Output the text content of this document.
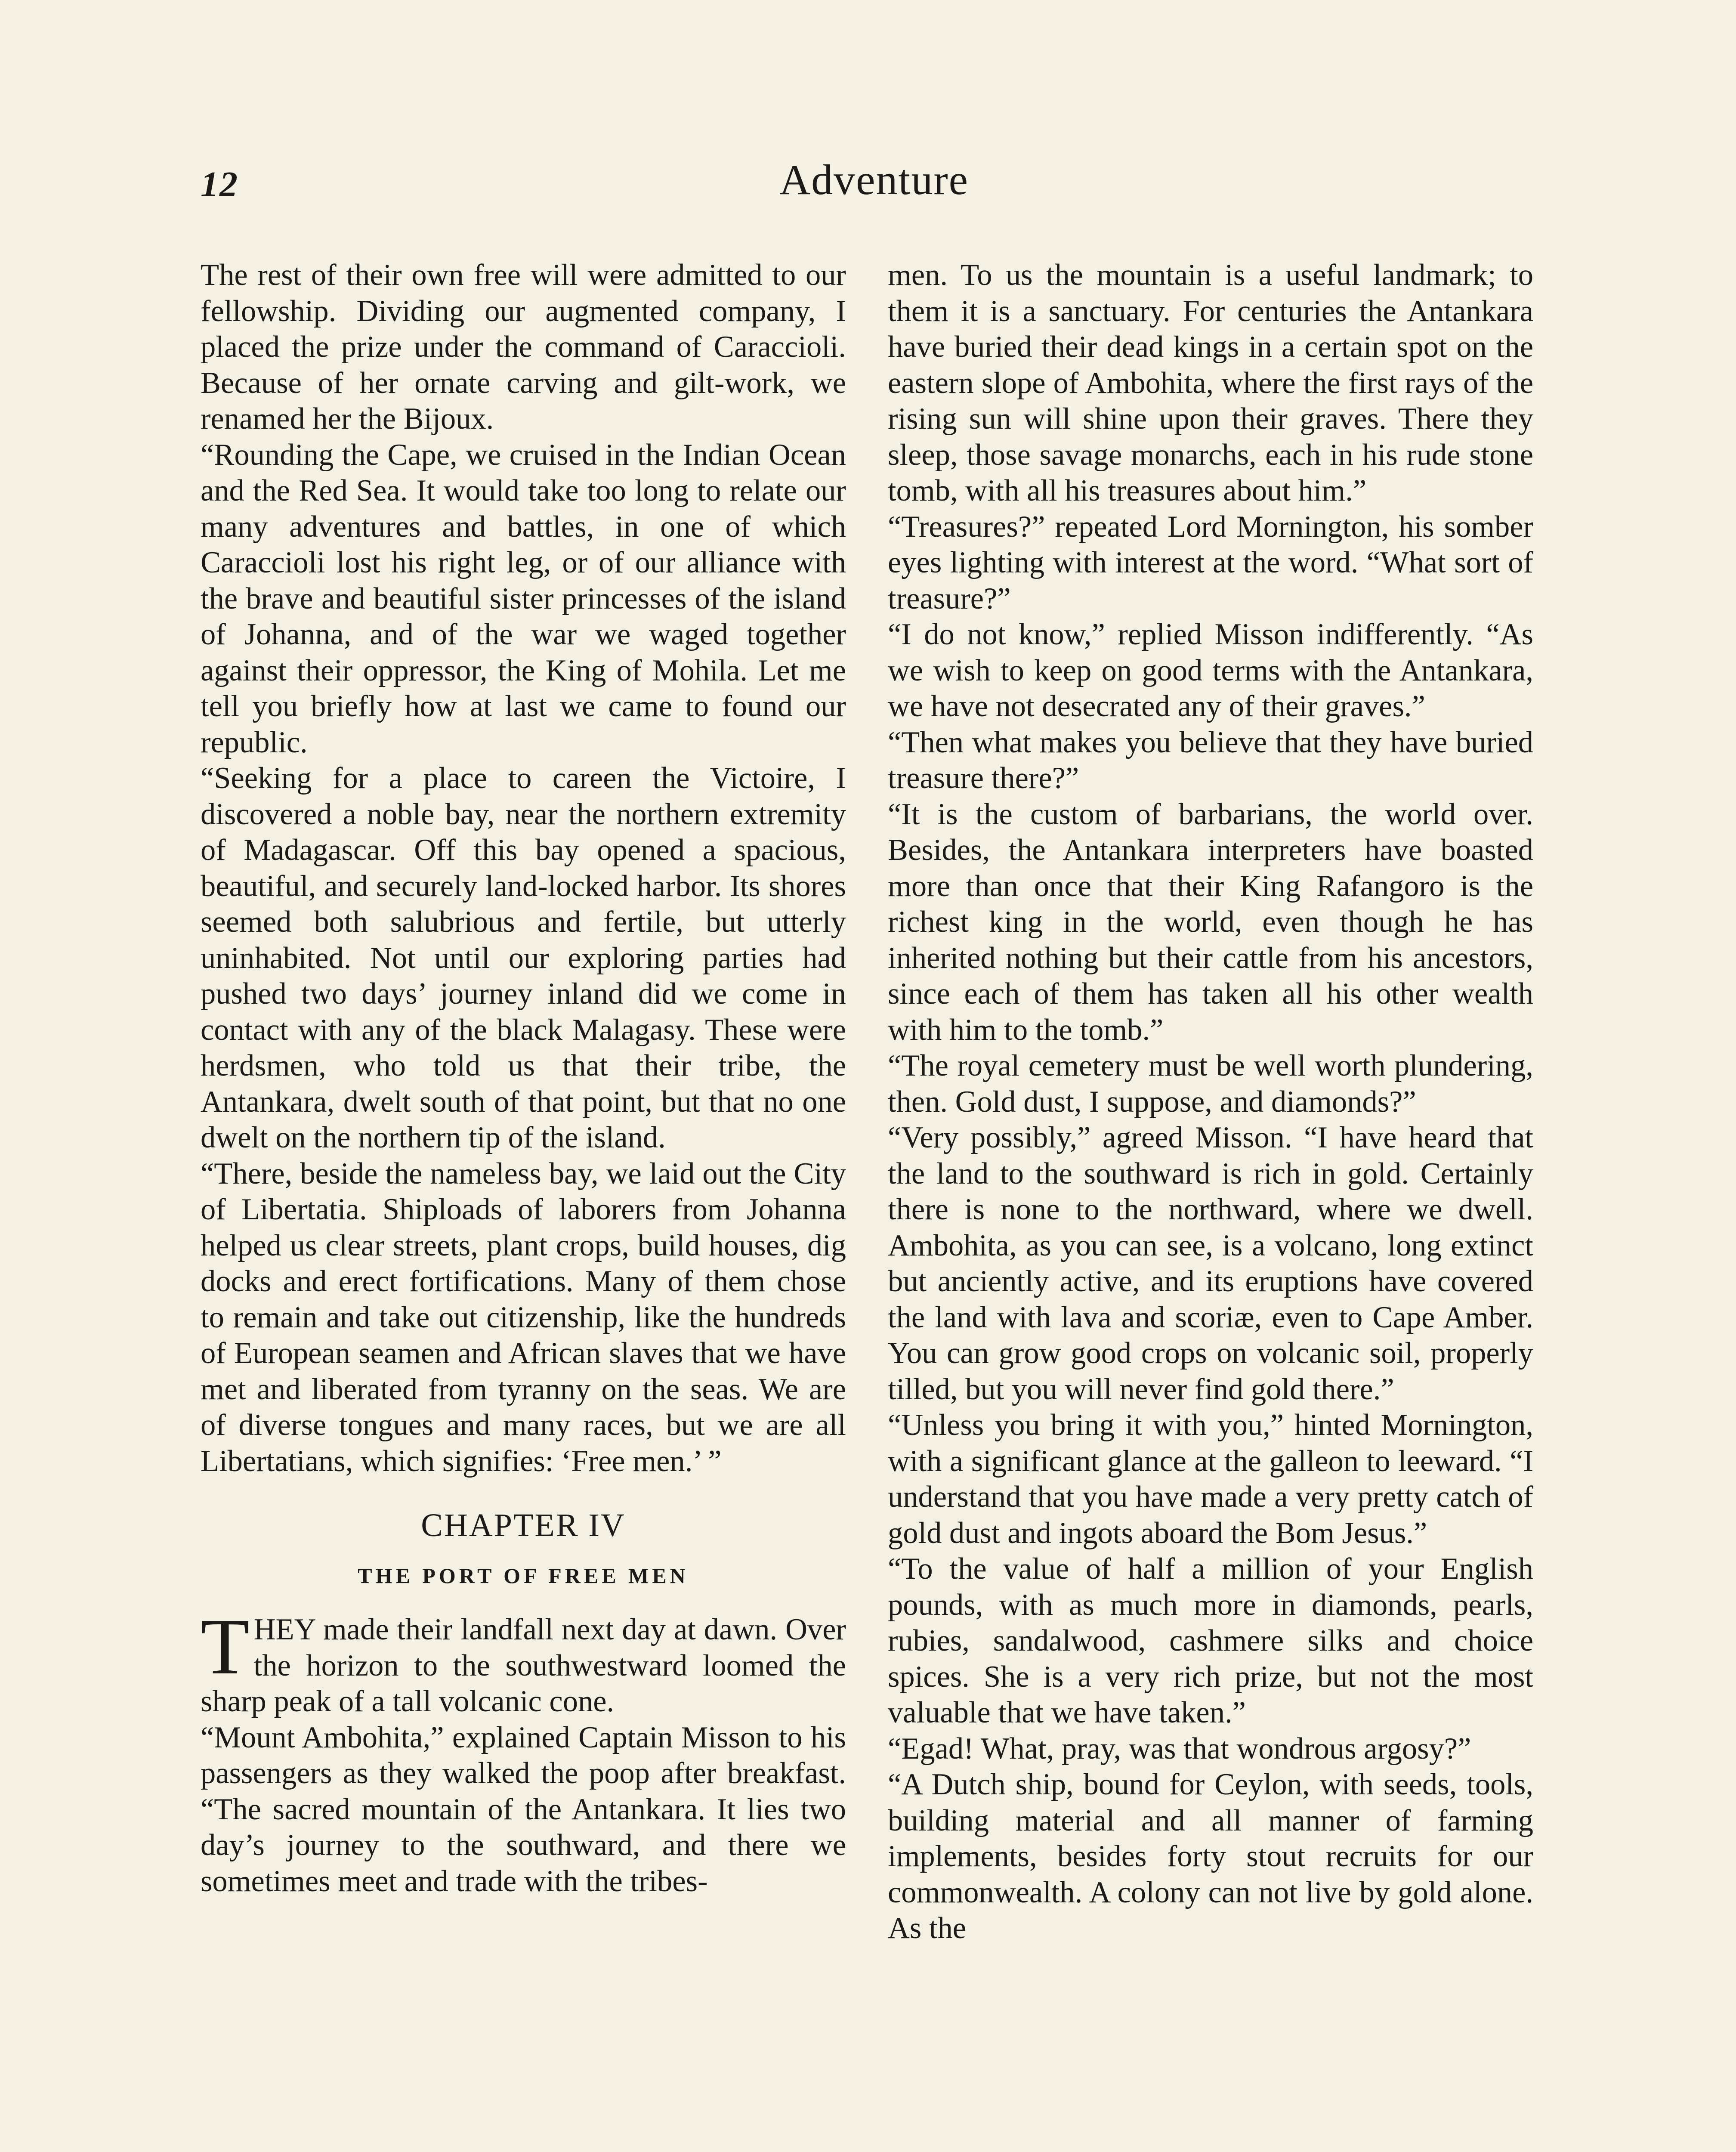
12	Adventure

The rest of their own free will were admitted to our fellowship. Dividing our augmented company, I placed the prize under the command of Caraccioli. Because of her ornate carving and gilt-work, we renamed her the Bijoux.

“Rounding the Cape, we cruised in the Indian Ocean and the Red Sea. It would take too long to relate our many adventures and battles, in one of which Caraccioli lost his right leg, or of our alliance with the brave and beautiful sister princesses of the island of Johanna, and of the war we waged together against their oppressor, the King of Mohila. Let me tell you briefly how at last we came to found our republic.

“Seeking for a place to careen the Victoire, I discovered a noble bay, near the northern extremity of Madagascar. Off this bay opened a spacious, beautiful, and securely land-locked harbor. Its shores seemed both salubrious and fertile, but utterly uninhabited. Not until our exploring parties had pushed two days’ journey inland did we come in contact with any of the black Malagasy. These were herdsmen, who told us that their tribe, the Antankara, dwelt south of that point, but that no one dwelt on the northern tip of the island.

“There, beside the nameless bay, we laid out the City of Libertatia. Shiploads of laborers from Johanna helped us clear streets, plant crops, build houses, dig docks and erect fortifications. Many of them chose to remain and take out citizenship, like the hundreds of European seamen and African slaves that we have met and liberated from tyranny on the seas. We are of diverse tongues and many races, but we are all Libertatians, which signifies: ‘Free men.’ ”

CHAPTER IV
THE PORT OF FREE MEN

T HEY made their landfall next day at dawn. Over the horizon to the southwestward loomed the sharp peak of a tall volcanic cone.

“Mount Ambohita,” explained Captain Misson to his passengers as they walked the poop after breakfast. “The sacred mountain of the Antankara. It lies two day’s journey to the southward, and there we sometimes meet and trade with the tribes-

men. To us the mountain is a useful landmark; to them it is a sanctuary. For centuries the Antankara have buried their dead kings in a certain spot on the eastern slope of Ambohita, where the first rays of the rising sun will shine upon their graves. There they sleep, those savage monarchs, each in his rude stone tomb, with all his treasures about him.”

“Treasures?” repeated Lord Mornington, his somber eyes lighting with interest at the word. “What sort of treasure?”

“I do not know,” replied Misson indifferently. “As we wish to keep on good terms with the Antankara, we have not desecrated any of their graves.”

“Then what makes you believe that they have buried treasure there?”

“It is the custom of barbarians, the world over. Besides, the Antankara interpreters have boasted more than once that their King Rafangoro is the richest king in the world, even though he has inherited nothing but their cattle from his ancestors, since each of them has taken all his other wealth with him to the tomb.”

“The royal cemetery must be well worth plundering, then. Gold dust, I suppose, and diamonds?”

“Very possibly,” agreed Misson. “I have heard that the land to the southward is rich in gold. Certainly there is none to the northward, where we dwell. Ambohita, as you can see, is a volcano, long extinct but anciently active, and its eruptions have covered the land with lava and scoriæ, even to Cape Amber. You can grow good crops on volcanic soil, properly tilled, but you will never find gold there.”

“Unless you bring it with you,” hinted Mornington, with a significant glance at the galleon to leeward. “I understand that you have made a very pretty catch of gold dust and ingots aboard the Bom Jesus.”

“To the value of half a million of your English pounds, with as much more in diamonds, pearls, rubies, sandalwood, cashmere silks and choice spices. She is a very rich prize, but not the most valuable that we have taken.”

“Egad! What, pray, was that wondrous argosy?”

“A Dutch ship, bound for Ceylon, with seeds, tools, building material and all manner of farming implements, besides forty stout recruits for our commonwealth. A colony can not live by gold alone. As the
